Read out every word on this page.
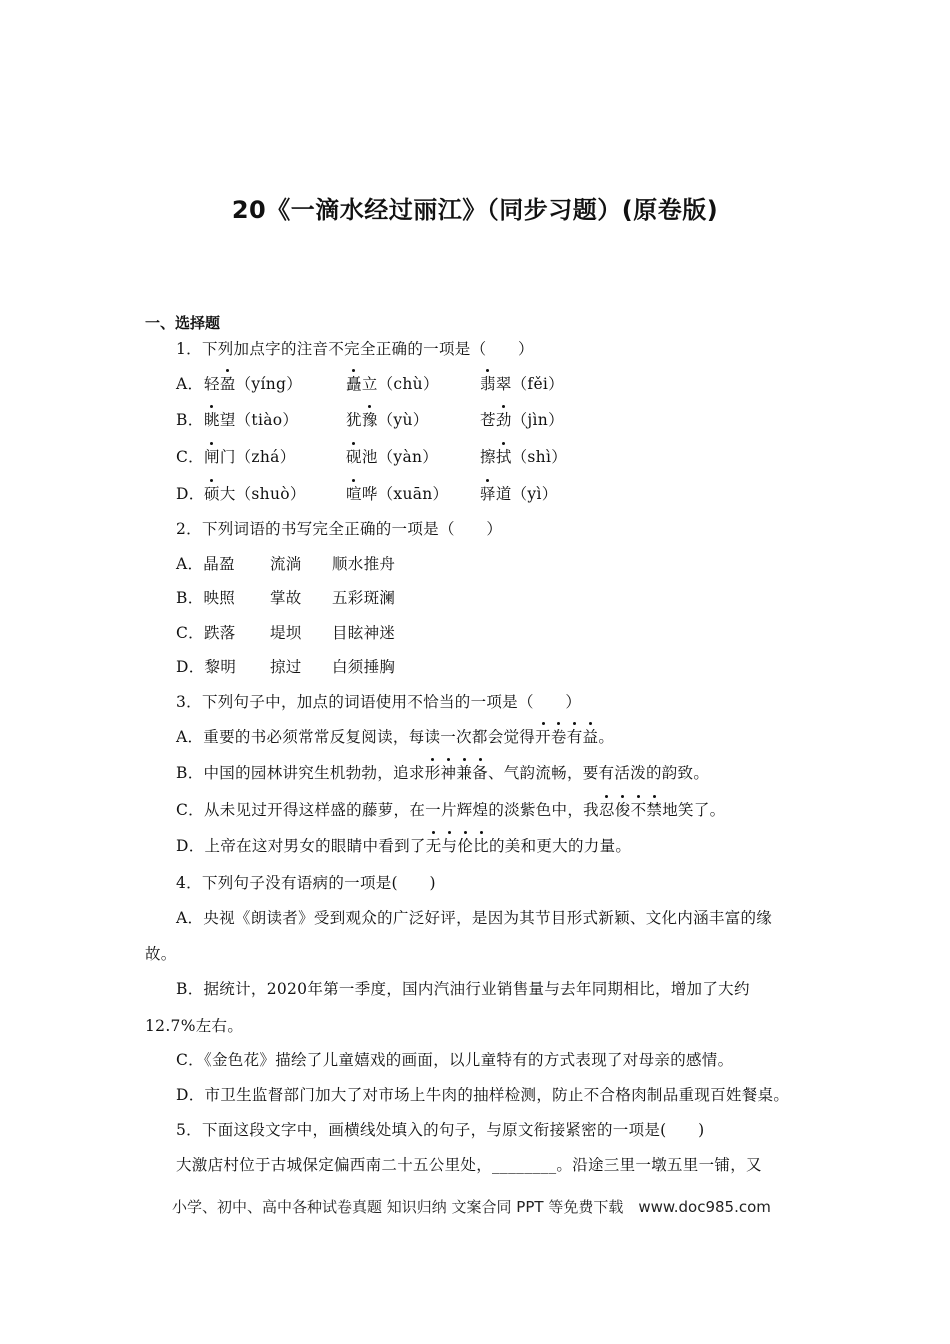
20《一滴水经过丽江》（同步习题）(原卷版)
一、选择题
1．下列加点字的注音不完全正确的一项是（　　）
A．轻盈（yíng）	矗立（chù）	翡翠（fěi）
B．眺望（tiào）	犹豫（yù）	苍劲（jìn）
C．闸门（zhá）	砚池（yàn）	擦拭（shì）
D．硕大（shuò）	喧哗（xuān） 驿道（yì）
2．下列词语的书写完全正确的一项是（　　）
A．晶盈 流淌 顺水推舟
B．映照 掌故 五彩斑澜
C．跌落 堤坝 目眩神迷
D．黎明 掠过 白须捶胸
3．下列句子中，加点的词语使用不恰当的一项是（　　）
A．重要的书必须常常反复阅读，每读一次都会觉得开卷有益。
B．中国的园林讲究生机勃勃，追求形神兼备、气韵流畅，要有活泼的韵致。
C．从未见过开得这样盛的藤萝，在一片辉煌的淡紫色中，我忍俊不禁地笑了。
D．上帝在这对男女的眼睛中看到了无与伦比的美和更大的力量。
4．下列句子没有语病的一项是(　　)
A．央视《朗读者》受到观众的广泛好评，是因为其节目形式新颖、文化内涵丰富的缘
故。
B．据统计，2020年第一季度，国内汽油行业销售量与去年同期相比，增加了大约
12.7%左右。
C．《金色花》描绘了儿童嬉戏的画面，以儿童特有的方式表现了对母亲的感情。
D．市卫生监督部门加大了对市场上牛肉的抽样检测，防止不合格肉制品重现百姓餐桌。
5．下面这段文字中，画横线处填入的句子，与原文衔接紧密的一项是(　　)
大激店村位于古城保定偏西南二十五公里处，________。沿途三里一墩五里一铺，又
小学、初中、高中各种试卷真题 知识归纳 文案合同 PPT 等免费下载　www.doc985.com
